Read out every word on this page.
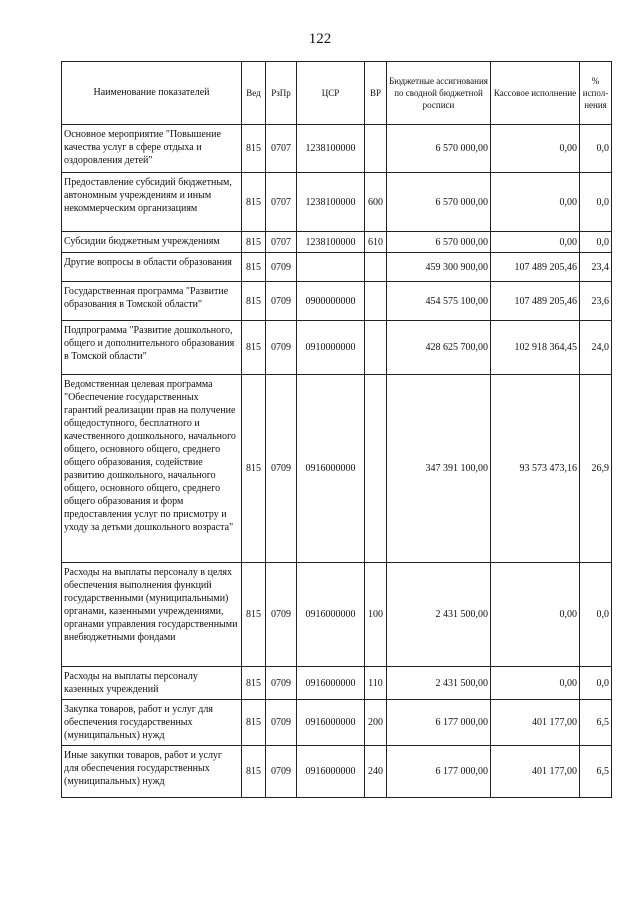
122
Наименование показателей	Вед	РзПр	ЦСР	ВР	Бюджетные ассигнования по сводной бюджетной росписи	Кассовое исполнение	% испол-нения
Основное мероприятие "Повышение качества услуг в сфере отдыха и оздоровления детей"	815	0707	1238100000		6 570 000,00	0,00	0,0
Предоставление субсидий бюджетным, автономным учреждениям и иным некоммерческим организациям	815	0707	1238100000	600	6 570 000,00	0,00	0,0
Субсидии бюджетным учреждениям	815	0707	1238100000	610	6 570 000,00	0,00	0,0
Другие вопросы в области образования	815	0709			459 300 900,00	107 489 205,46	23,4
Государственная программа "Развитие образования в Томской области"	815	0709	0900000000		454 575 100,00	107 489 205,46	23,6
Подпрограмма "Развитие дошкольного, общего и дополнительного образования в Томской области"	815	0709	0910000000		428 625 700,00	102 918 364,45	24,0
Ведомственная целевая программа "Обеспечение государственных гарантий реализации прав на получение общедоступного, бесплатного и качественного дошкольного, начального общего, основного общего, среднего общего образования, содействие развитию дошкольного, начального общего, основного общего, среднего общего образования и форм предоставления услуг по присмотру и уходу за детьми дошкольного возраста"	815	0709	0916000000		347 391 100,00	93 573 473,16	26,9
Расходы на выплаты персоналу в целях обеспечения выполнения функций государственными (муниципальными) органами, казенными учреждениями, органами управления государственными внебюджетными фондами	815	0709	0916000000	100	2 431 500,00	0,00	0,0
Расходы на выплаты персоналу казенных учреждений	815	0709	0916000000	110	2 431 500,00	0,00	0,0
Закупка товаров, работ и услуг для обеспечения государственных (муниципальных) нужд	815	0709	0916000000	200	6 177 000,00	401 177,00	6,5
Иные закупки товаров, работ и услуг для обеспечения государственных (муниципальных) нужд	815	0709	0916000000	240	6 177 000,00	401 177,00	6,5
